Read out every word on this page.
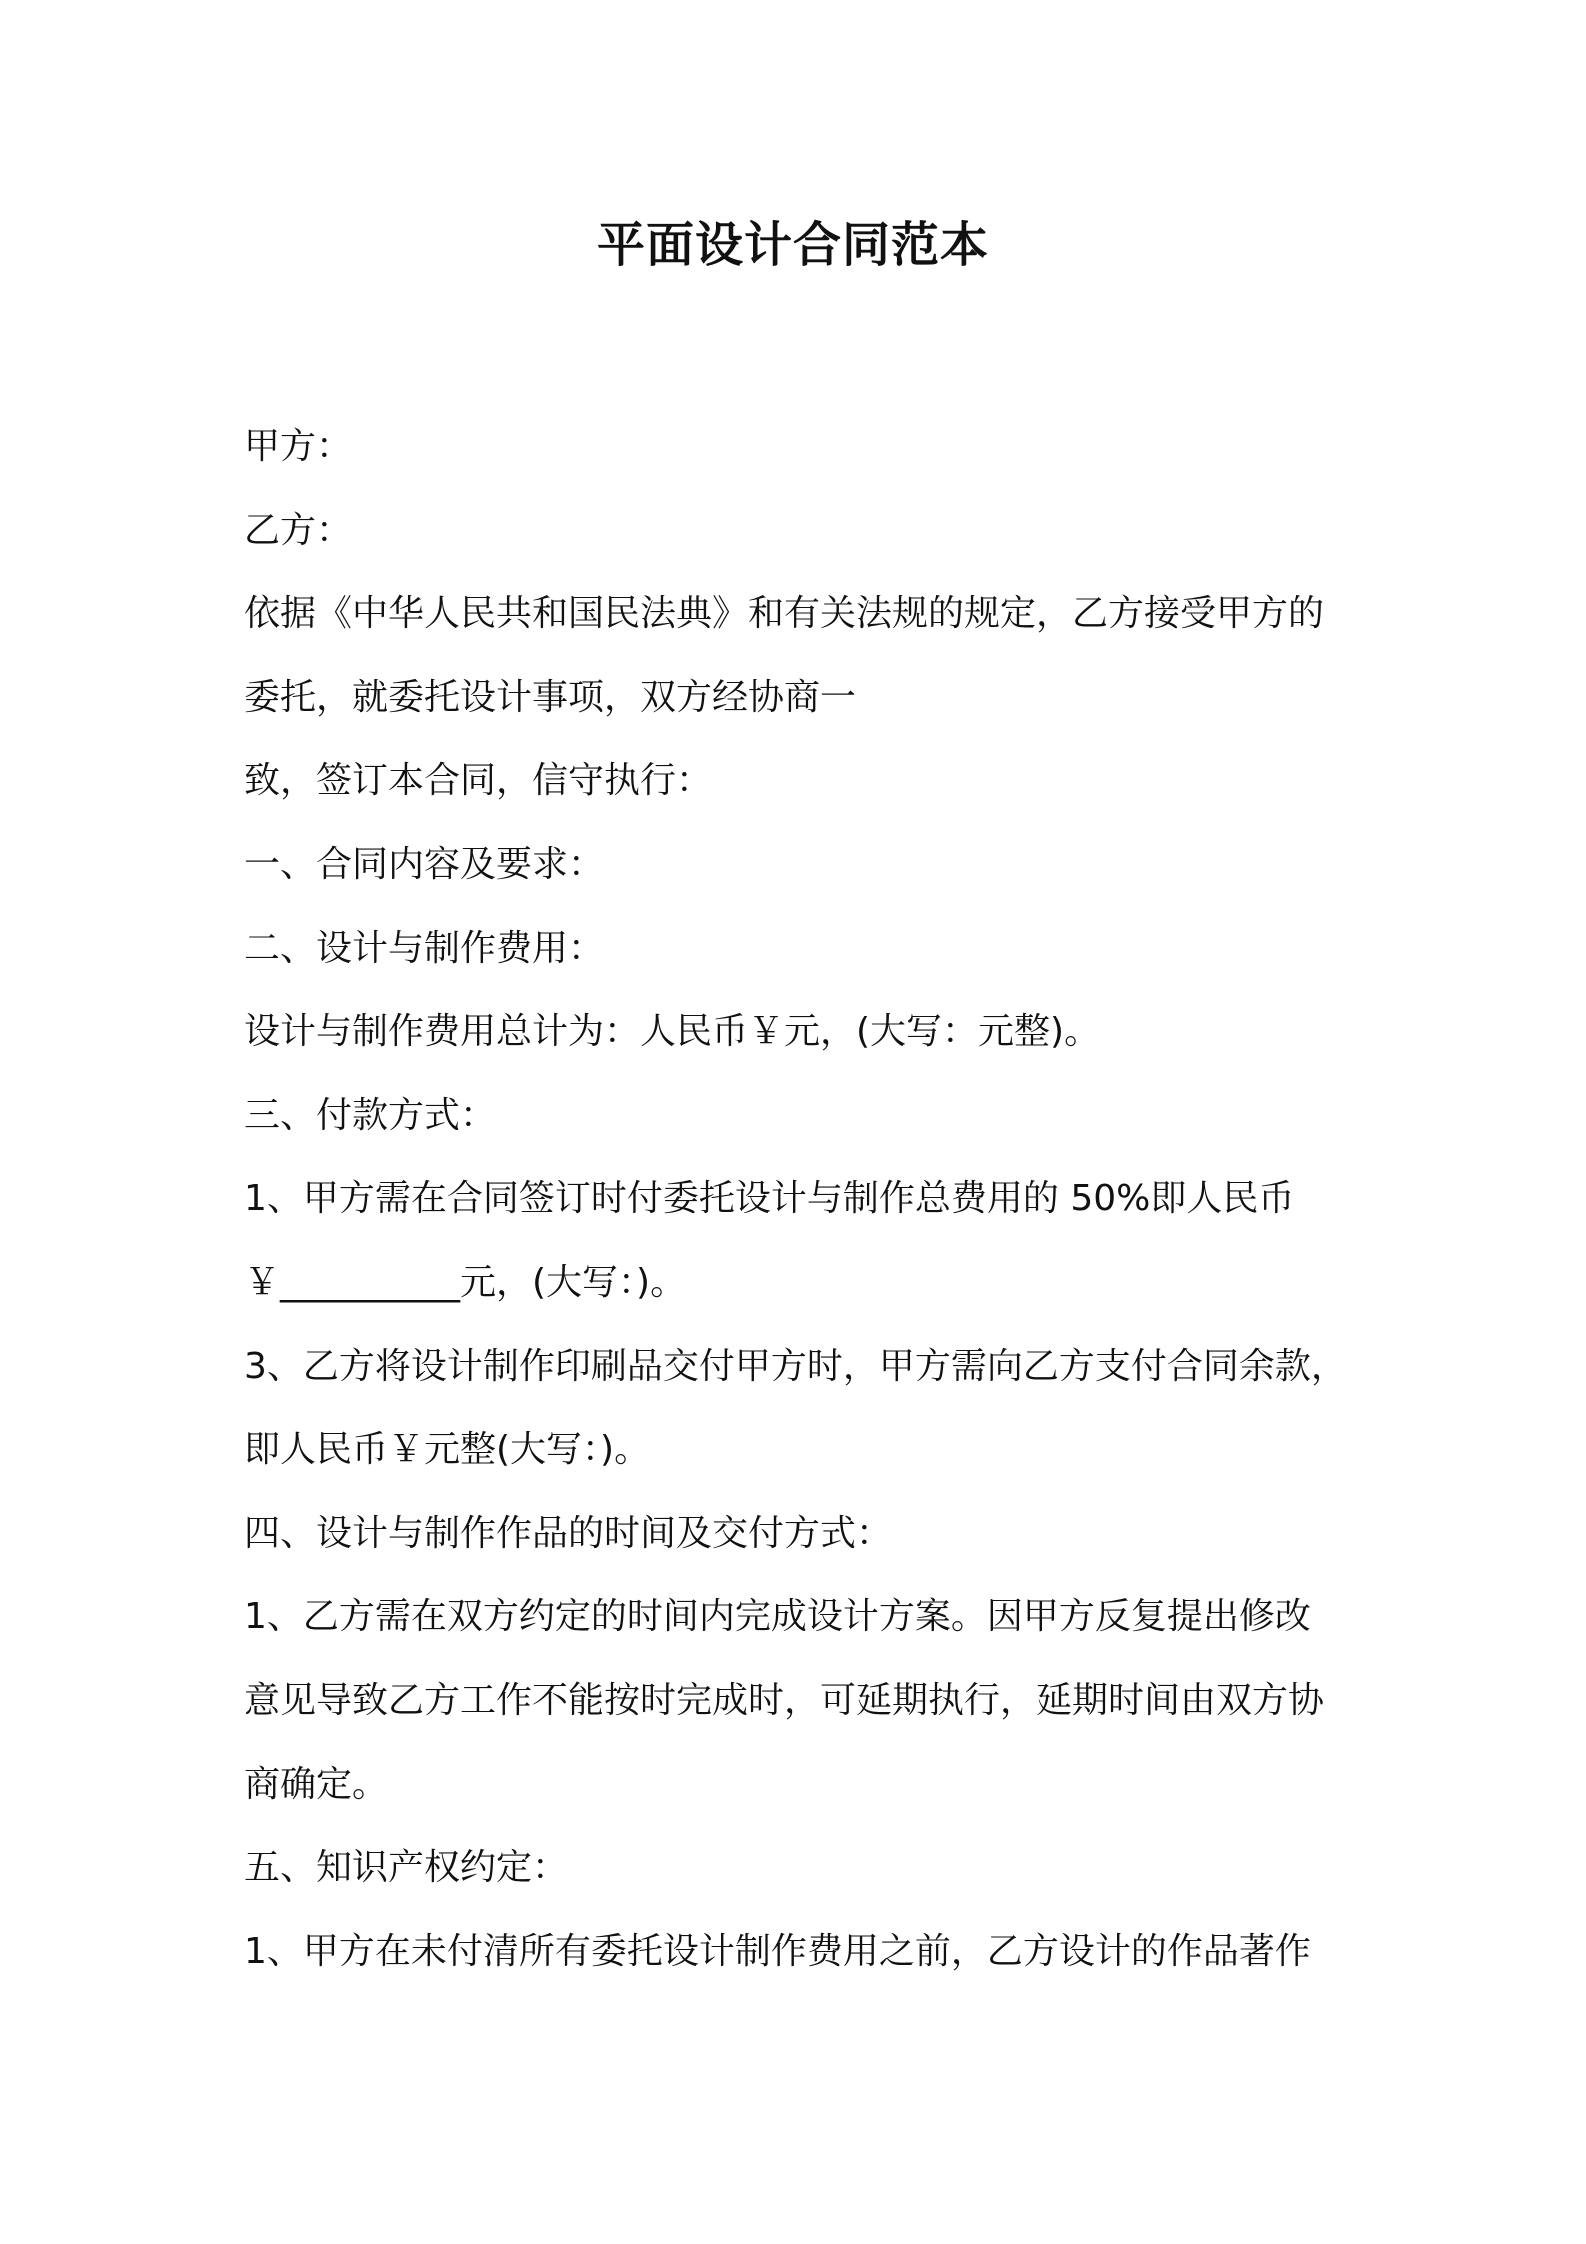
平面设计合同范本
甲方：
乙方：
依据《中华人民共和国民法典》和有关法规的规定，乙方接受甲方的
委托，就委托设计事项，双方经协商一
致，签订本合同，信守执行：
一、合同内容及要求：
二、设计与制作费用：
设计与制作费用总计为：人民币￥元，(大写：元整)。
三、付款方式：
1、甲方需在合同签订时付委托设计与制作总费用的 50%即人民币
￥__________元，(大写：)。
3、乙方将设计制作印刷品交付甲方时，甲方需向乙方支付合同余款，
即人民币￥元整(大写：)。
四、设计与制作作品的时间及交付方式：
1、乙方需在双方约定的时间内完成设计方案。因甲方反复提出修改
意见导致乙方工作不能按时完成时，可延期执行，延期时间由双方协
商确定。
五、知识产权约定：
1、甲方在未付清所有委托设计制作费用之前，乙方设计的作品著作
